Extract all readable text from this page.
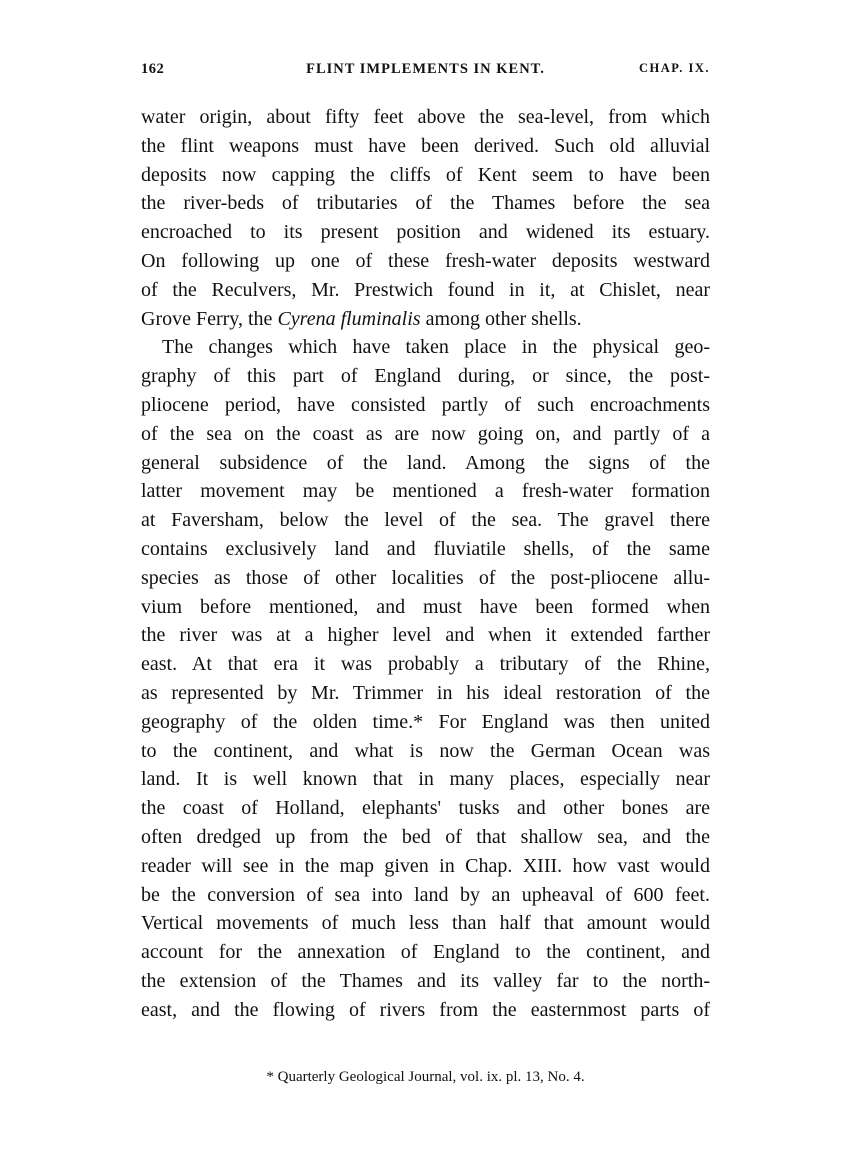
162	FLINT IMPLEMENTS IN KENT.	CHAP. IX.
water origin, about fifty feet above the sea-level, from which
the flint weapons must have been derived. Such old alluvial
deposits now capping the cliffs of Kent seem to have been
the river-beds of tributaries of the Thames before the sea
encroached to its present position and widened its estuary.
On following up one of these fresh-water deposits westward
of the Reculvers, Mr. Prestwich found in it, at Chislet, near
Grove Ferry, the Cyrena fluminalis among other shells.
The changes which have taken place in the physical geo-
graphy of this part of England during, or since, the post-
pliocene period, have consisted partly of such encroachments
of the sea on the coast as are now going on, and partly of a
general subsidence of the land. Among the signs of the
latter movement may be mentioned a fresh-water formation
at Faversham, below the level of the sea. The gravel there
contains exclusively land and fluviatile shells, of the same
species as those of other localities of the post-pliocene allu-
vium before mentioned, and must have been formed when
the river was at a higher level and when it extended farther
east. At that era it was probably a tributary of the Rhine,
as represented by Mr. Trimmer in his ideal restoration of the
geography of the olden time.* For England was then united
to the continent, and what is now the German Ocean was
land. It is well known that in many places, especially near
the coast of Holland, elephants' tusks and other bones are
often dredged up from the bed of that shallow sea, and the
reader will see in the map given in Chap. XIII. how vast would
be the conversion of sea into land by an upheaval of 600 feet.
Vertical movements of much less than half that amount would
account for the annexation of England to the continent, and
the extension of the Thames and its valley far to the north-
east, and the flowing of rivers from the easternmost parts of
* Quarterly Geological Journal, vol. ix. pl. 13, No. 4.
